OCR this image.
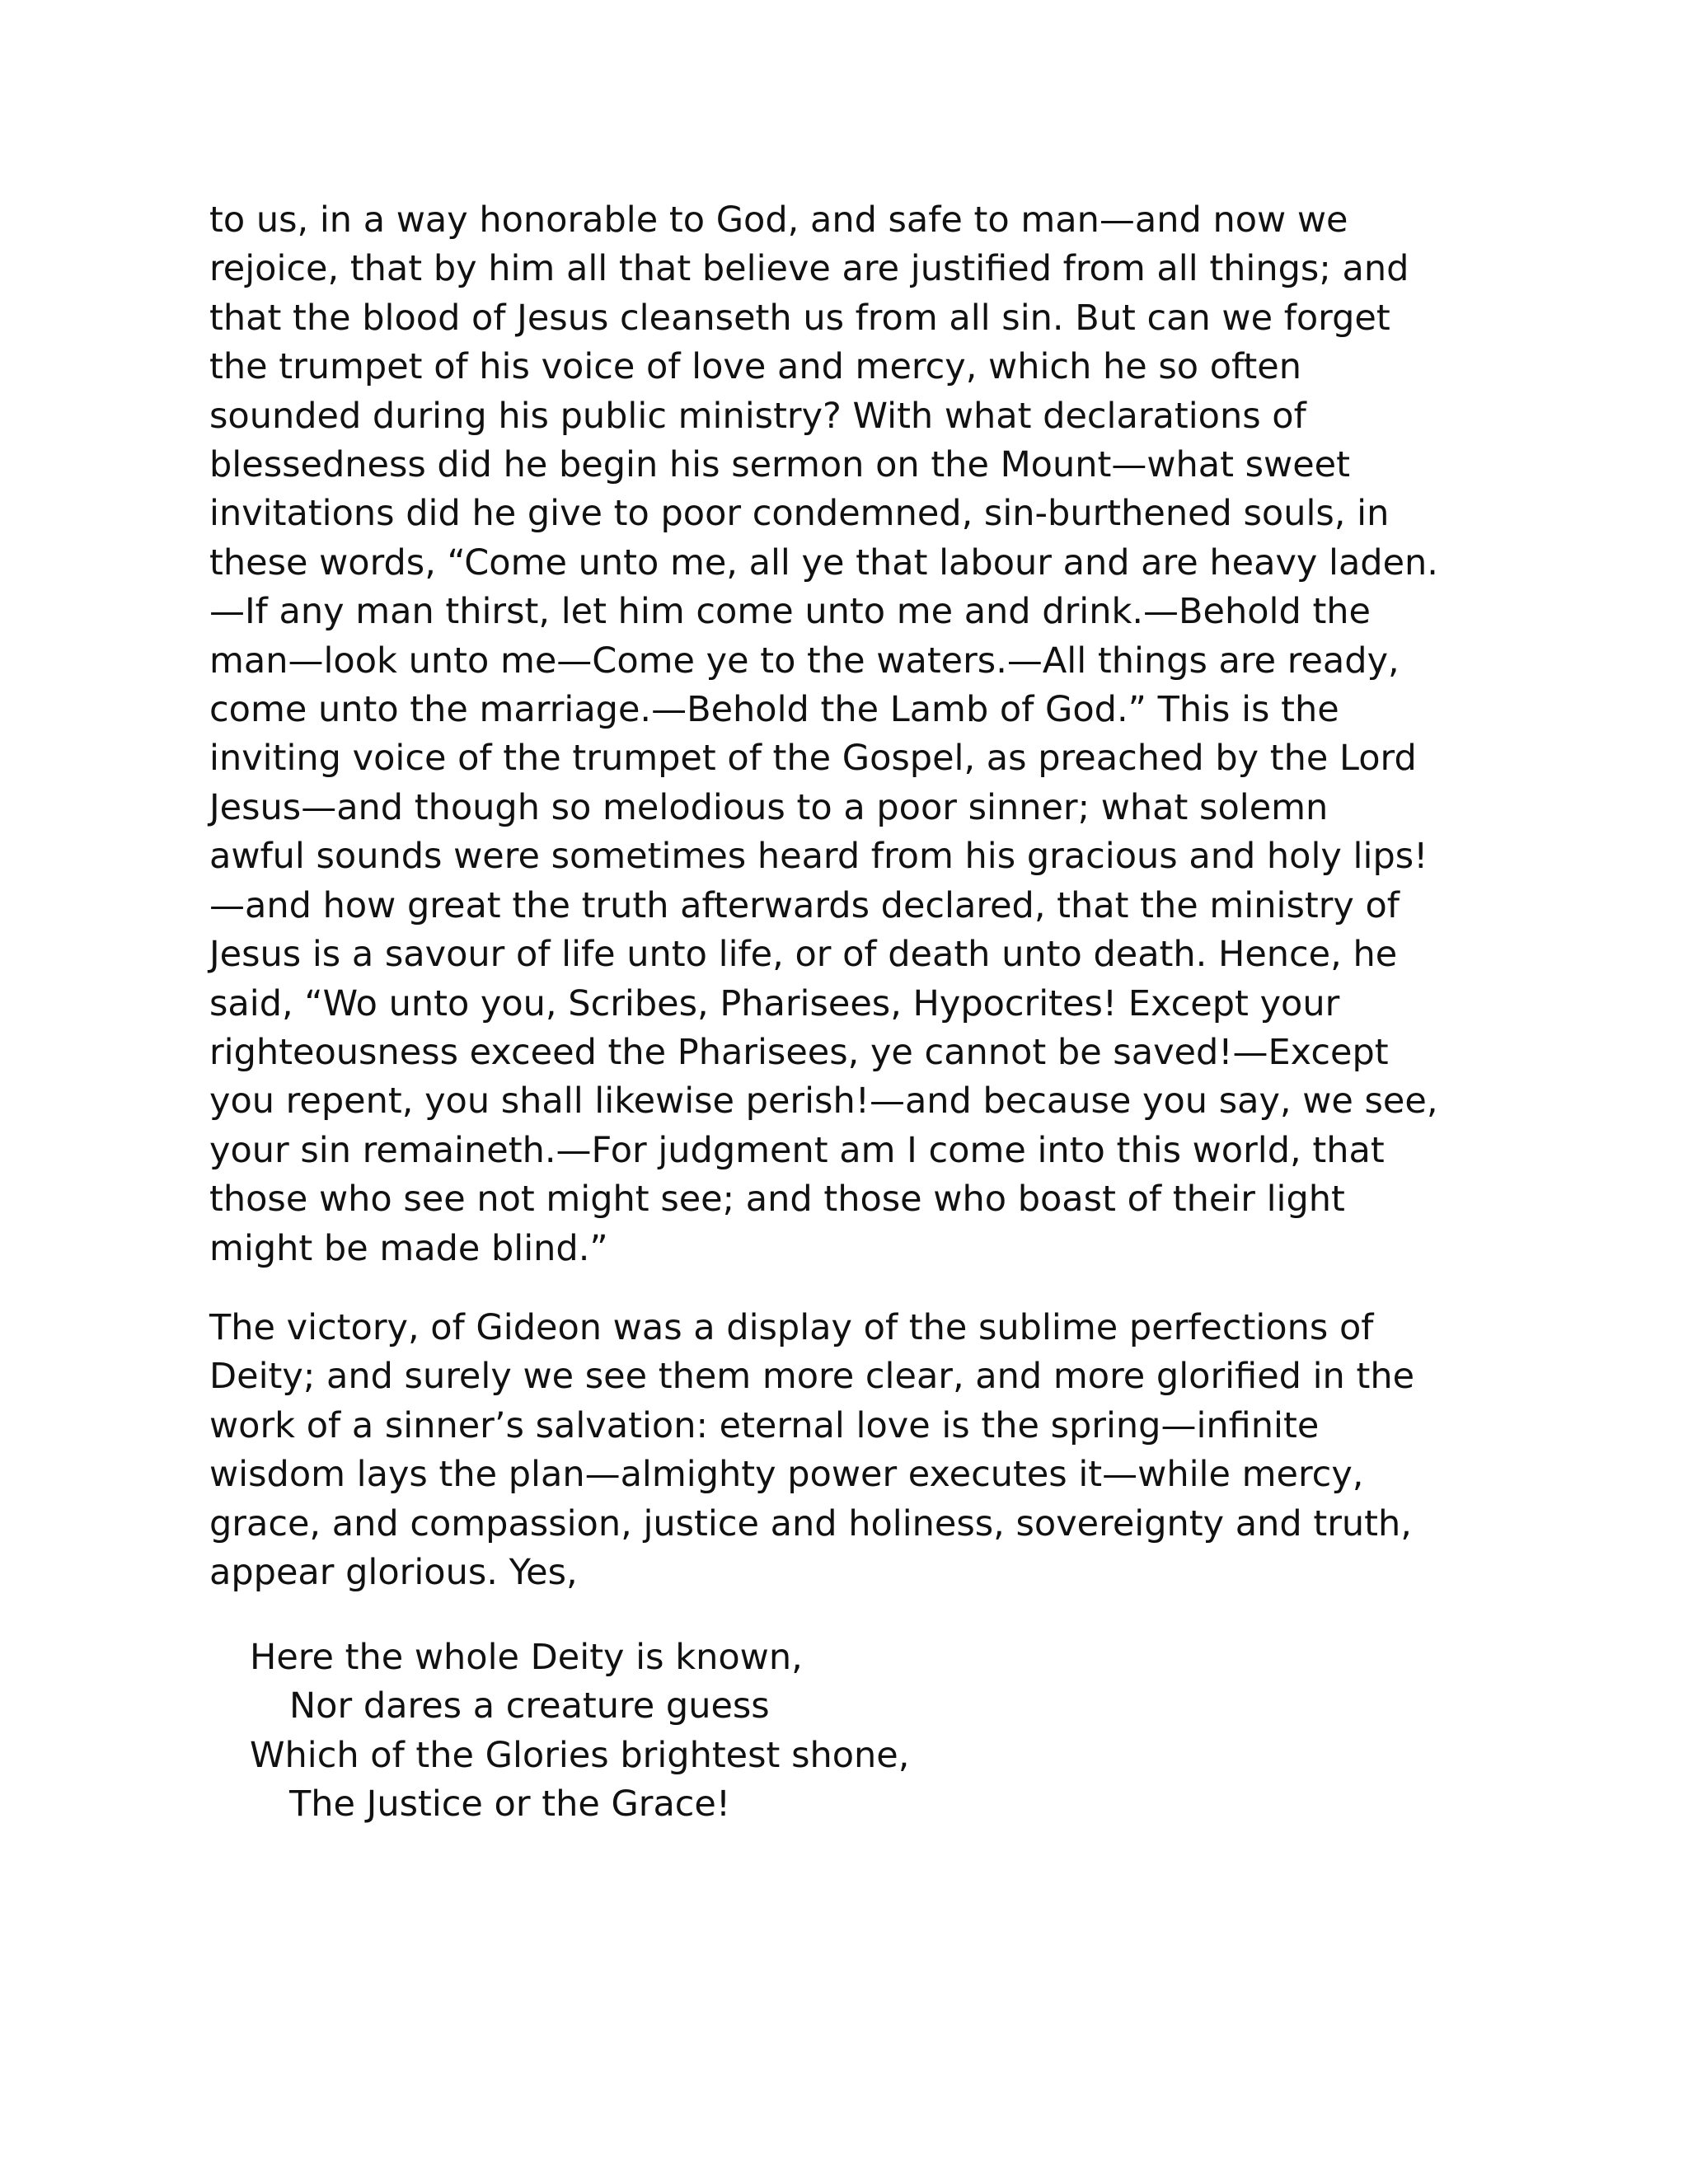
to us, in a way honorable to God, and safe to man—and now we
rejoice, that by him all that believe are justified from all things; and
that the blood of Jesus cleanseth us from all sin. But can we forget
the trumpet of his voice of love and mercy, which he so often
sounded during his public ministry? With what declarations of
blessedness did he begin his sermon on the Mount—what sweet
invitations did he give to poor condemned, sin-burthened souls, in
these words, “Come unto me, all ye that labour and are heavy laden.
—If any man thirst, let him come unto me and drink.—Behold the
man—look unto me—Come ye to the waters.—All things are ready,
come unto the marriage.—Behold the Lamb of God.” This is the
inviting voice of the trumpet of the Gospel, as preached by the Lord
Jesus—and though so melodious to a poor sinner; what solemn
awful sounds were sometimes heard from his gracious and holy lips!
—and how great the truth afterwards declared, that the ministry of
Jesus is a savour of life unto life, or of death unto death. Hence, he
said, “Wo unto you, Scribes, Pharisees, Hypocrites! Except your
righteousness exceed the Pharisees, ye cannot be saved!—Except
you repent, you shall likewise perish!—and because you say, we see,
your sin remaineth.—For judgment am I come into this world, that
those who see not might see; and those who boast of their light
might be made blind.”
The victory, of Gideon was a display of the sublime perfections of
Deity; and surely we see them more clear, and more glorified in the
work of a sinner’s salvation: eternal love is the spring—infinite
wisdom lays the plan—almighty power executes it—while mercy,
grace, and compassion, justice and holiness, sovereignty and truth,
appear glorious. Yes,
Here the whole Deity is known,
Nor dares a creature guess
Which of the Glories brightest shone,
The Justice or the Grace!
